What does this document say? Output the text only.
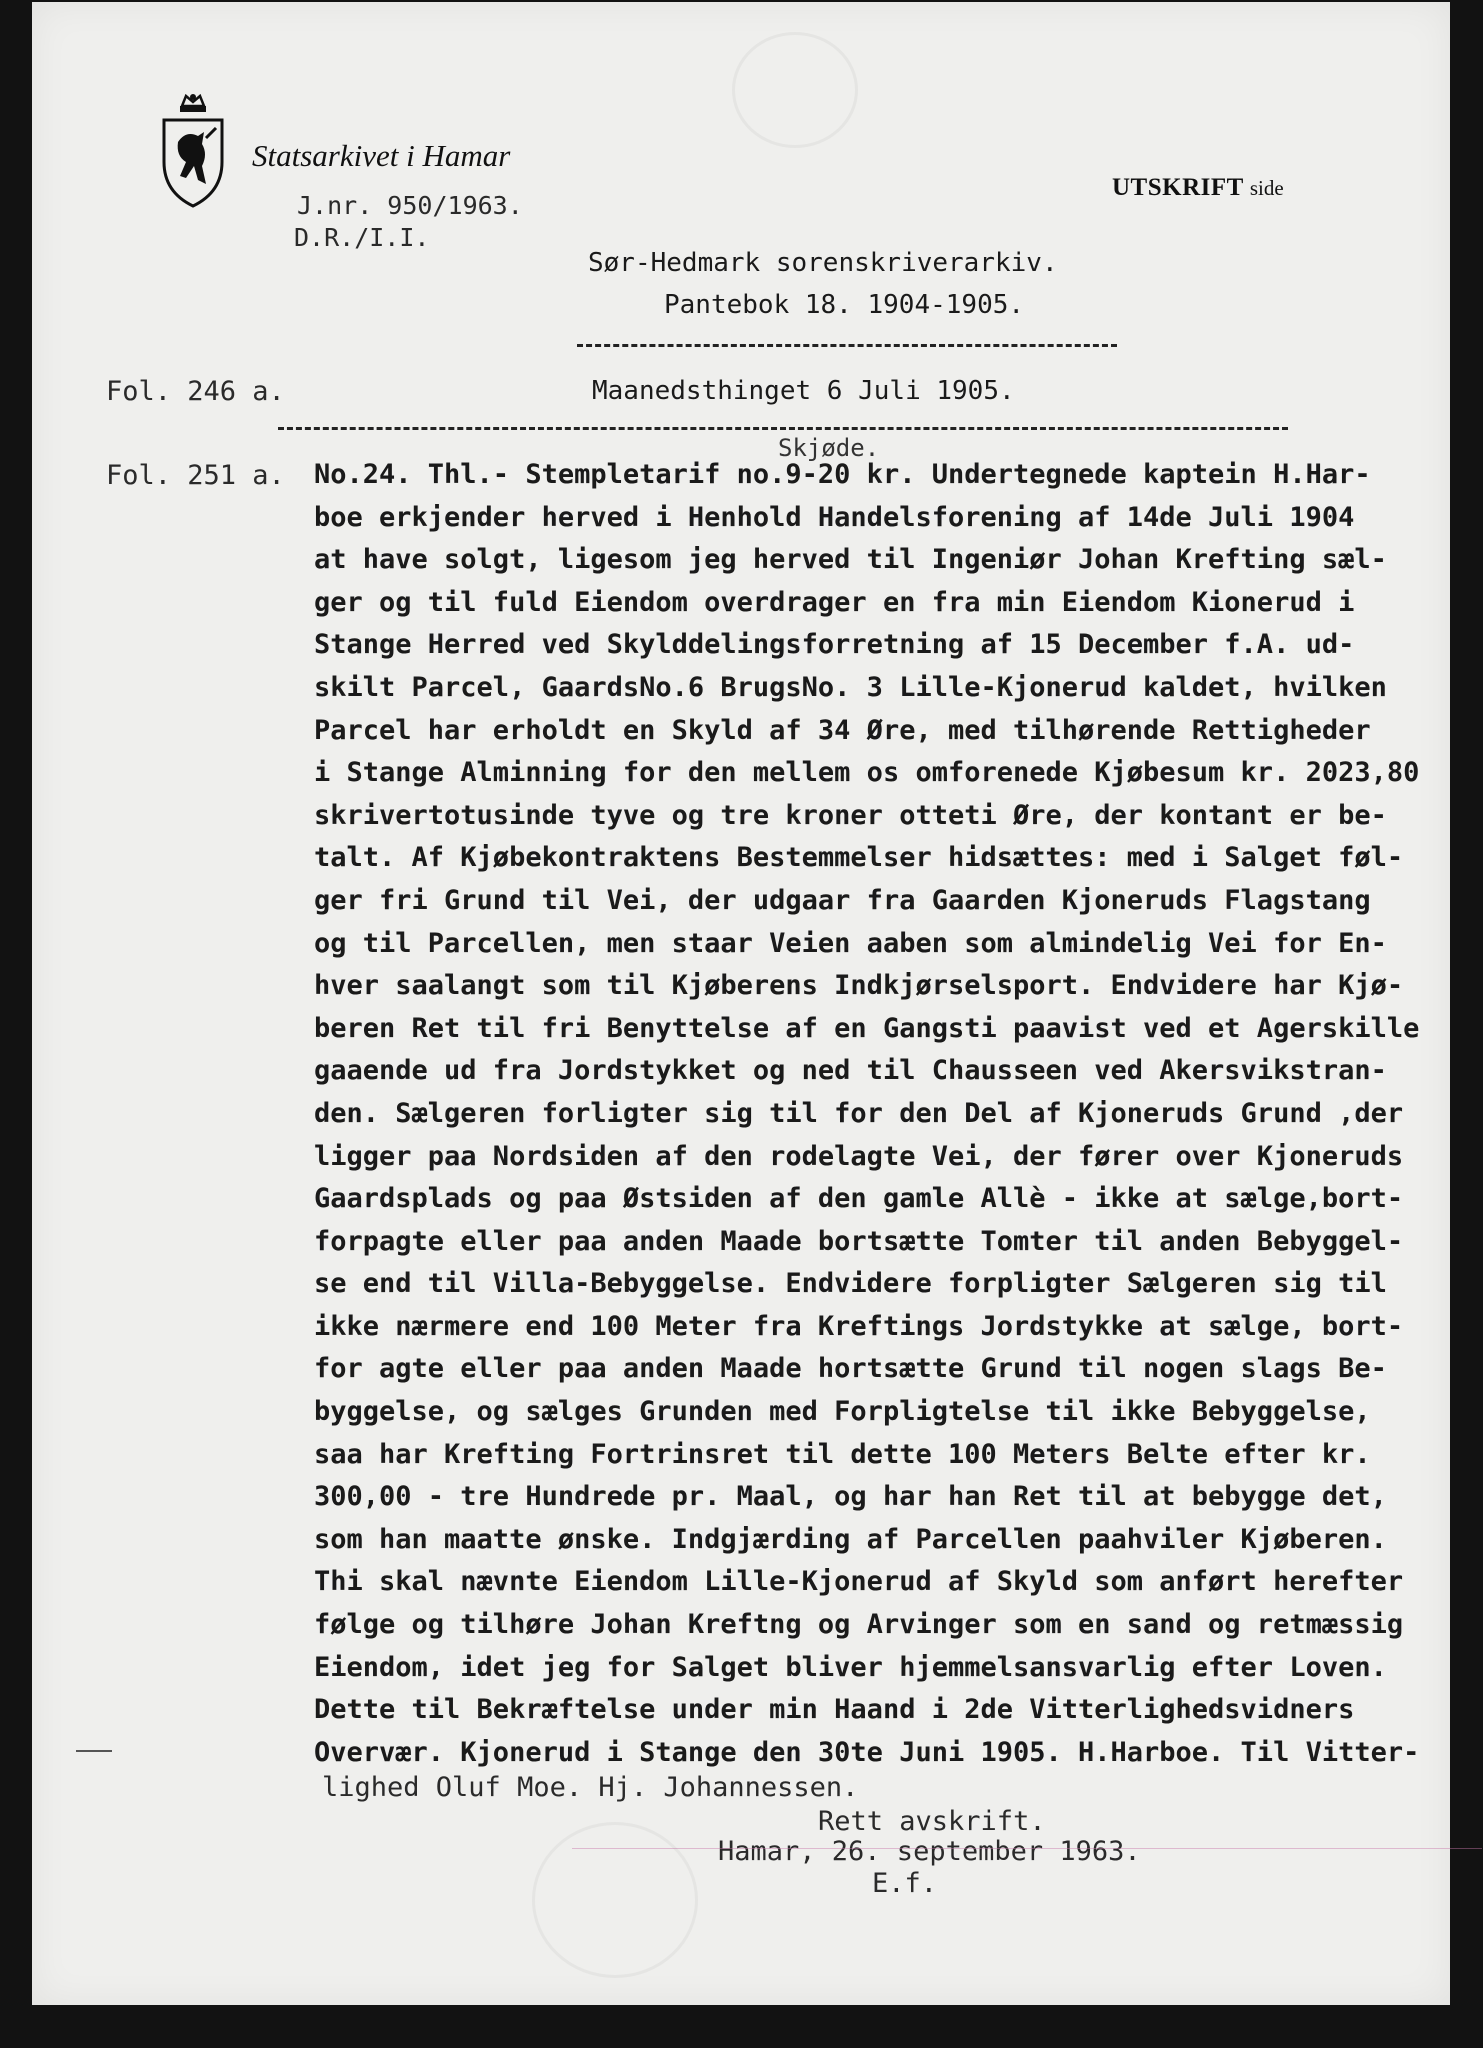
Statsarkivet i Hamar
UTSKRIFT side
J.nr. 950/1963.
D.R./I.I.
Sør-Hedmark sorenskriverarkiv.
Pantebok 18. 1904-1905.
Fol. 246 a.	Maanedsthinget 6 Juli 1905.
Skjøde.
Fol. 251 a. No.24. Thl.- Stempletarif no.9-20 kr. Undertegnede kaptein H.Har-
boe erkjender herved i Henhold Handelsforening af 14de Juli 1904
at have solgt, ligesom jeg herved til Ingeniør Johan Krefting sæl-
ger og til fuld Eiendom overdrager en fra min Eiendom Kionerud i
Stange Herred ved Skylddelingsforretning af 15 December f.A. ud-
skilt Parcel, GaardsNo.6 BrugsNo. 3 Lille-Kjonerud kaldet, hvilken
Parcel har erholdt en Skyld af 34 Øre, med tilhørende Rettigheder
i Stange Alminning for den mellem os omforenede Kjøbesum kr. 2023,80
skrivertotusinde tyve og tre kroner otteti Øre, der kontant er be-
talt. Af Kjøbekontraktens Bestemmelser hidsættes: med i Salget føl-
ger fri Grund til Vei, der udgaar fra Gaarden Kjoneruds Flagstang
og til Parcellen, men staar Veien aaben som almindelig Vei for En-
hver saalangt som til Kjøberens Indkjørselsport. Endvidere har Kjø-
beren Ret til fri Benyttelse af en Gangsti paavist ved et Agerskille
gaaende ud fra Jordstykket og ned til Chausseen ved Akersvikstran-
den. Sælgeren forligter sig til for den Del af Kjoneruds Grund ,der
ligger paa Nordsiden af den rodelagte Vei, der fører over Kjoneruds
Gaardsplads og paa Østsiden af den gamle Allè - ikke at sælge,bort-
forpagte eller paa anden Maade bortsætte Tomter til anden Bebyggel-
se end til Villa-Bebyggelse. Endvidere forpligter Sælgeren sig til
ikke nærmere end 100 Meter fra Kreftings Jordstykke at sælge, bort-
for agte eller paa anden Maade hortsætte Grund til nogen slags Be-
byggelse, og sælges Grunden med Forpligtelse til ikke Bebyggelse,
saa har Krefting Fortrinsret til dette 100 Meters Belte efter kr.
300,00 - tre Hundrede pr. Maal, og har han Ret til at bebygge det,
som han maatte ønske. Indgjærding af Parcellen paahviler Kjøberen.
Thi skal nævnte Eiendom Lille-Kjonerud af Skyld som anført herefter
følge og tilhøre Johan Kreftng og Arvinger som en sand og retmæssig
Eiendom, idet jeg for Salget bliver hjemmelsansvarlig efter Loven.
Dette til Bekræftelse under min Haand i 2de Vitterlighedsvidners
Overvær. Kjonerud i Stange den 30te Juni 1905. H.Harboe. Til Vitter-
lighed Oluf Moe. Hj. Johannessen.
Rett avskrift.
Hamar, 26. september 1963.
E.f.
